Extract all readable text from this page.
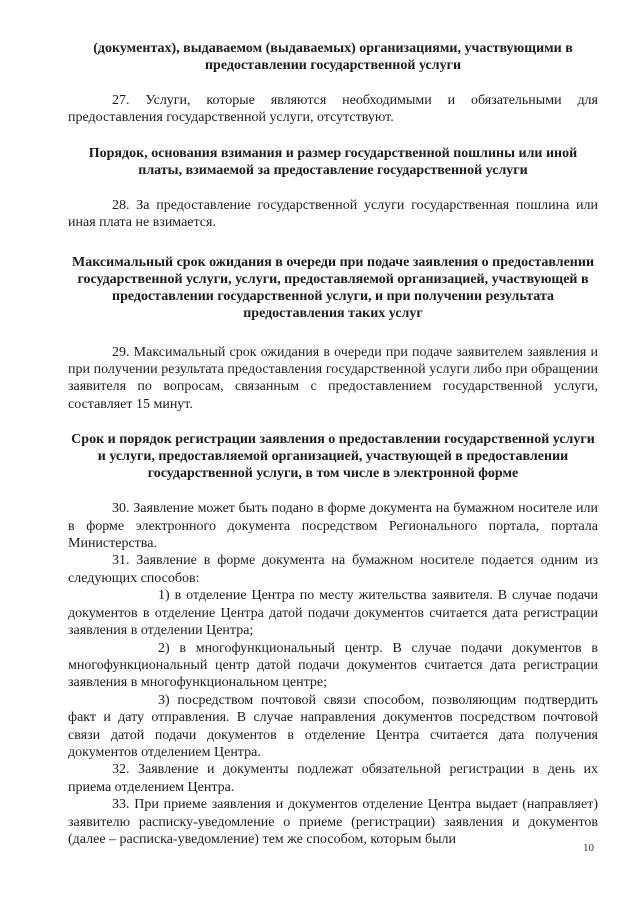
(документах), выдаваемом (выдаваемых) организациями, участвующими в предоставлении государственной услуги

27. Услуги, которые являются необходимыми и обязательными для предоставления государственной услуги, отсутствуют.

Порядок, основания взимания и размер государственной пошлины или иной платы, взимаемой за предоставление государственной услуги

28. За предоставление государственной услуги государственная пошлина или иная плата не взимается.

Максимальный срок ожидания в очереди при подаче заявления о предоставлении государственной услуги, услуги, предоставляемой организацией, участвующей в предоставлении государственной услуги, и при получении результата предоставления таких услуг

29. Максимальный срок ожидания в очереди при подаче заявителем заявления и при получении результата предоставления государственной услуги либо при обращении заявителя по вопросам, связанным с предоставлением государственной услуги, составляет 15 минут.

Срок и порядок регистрации заявления о предоставлении государственной услуги и услуги, предоставляемой организацией, участвующей в предоставлении государственной услуги, в том числе в электронной форме

30. Заявление может быть подано в форме документа на бумажном носителе или в форме электронного документа посредством Регионального портала, портала Министерства.

31. Заявление в форме документа на бумажном носителе подается одним из следующих способов:

1) в отделение Центра по месту жительства заявителя. В случае подачи документов в отделение Центра датой подачи документов считается дата регистрации заявления в отделении Центра;

2) в многофункциональный центр. В случае подачи документов в многофункциональный центр датой подачи документов считается дата регистрации заявления в многофункциональном центре;

3) посредством почтовой связи способом, позволяющим подтвердить факт и дату отправления. В случае направления документов посредством почтовой связи датой подачи документов в отделение Центра считается дата получения документов отделением Центра.

32. Заявление и документы подлежат обязательной регистрации в день их приема отделением Центра.

33. При приеме заявления и документов отделение Центра выдает (направляет) заявителю расписку-уведомление о приеме (регистрации) заявления и документов (далее – расписка-уведомление) тем же способом, которым были

10
